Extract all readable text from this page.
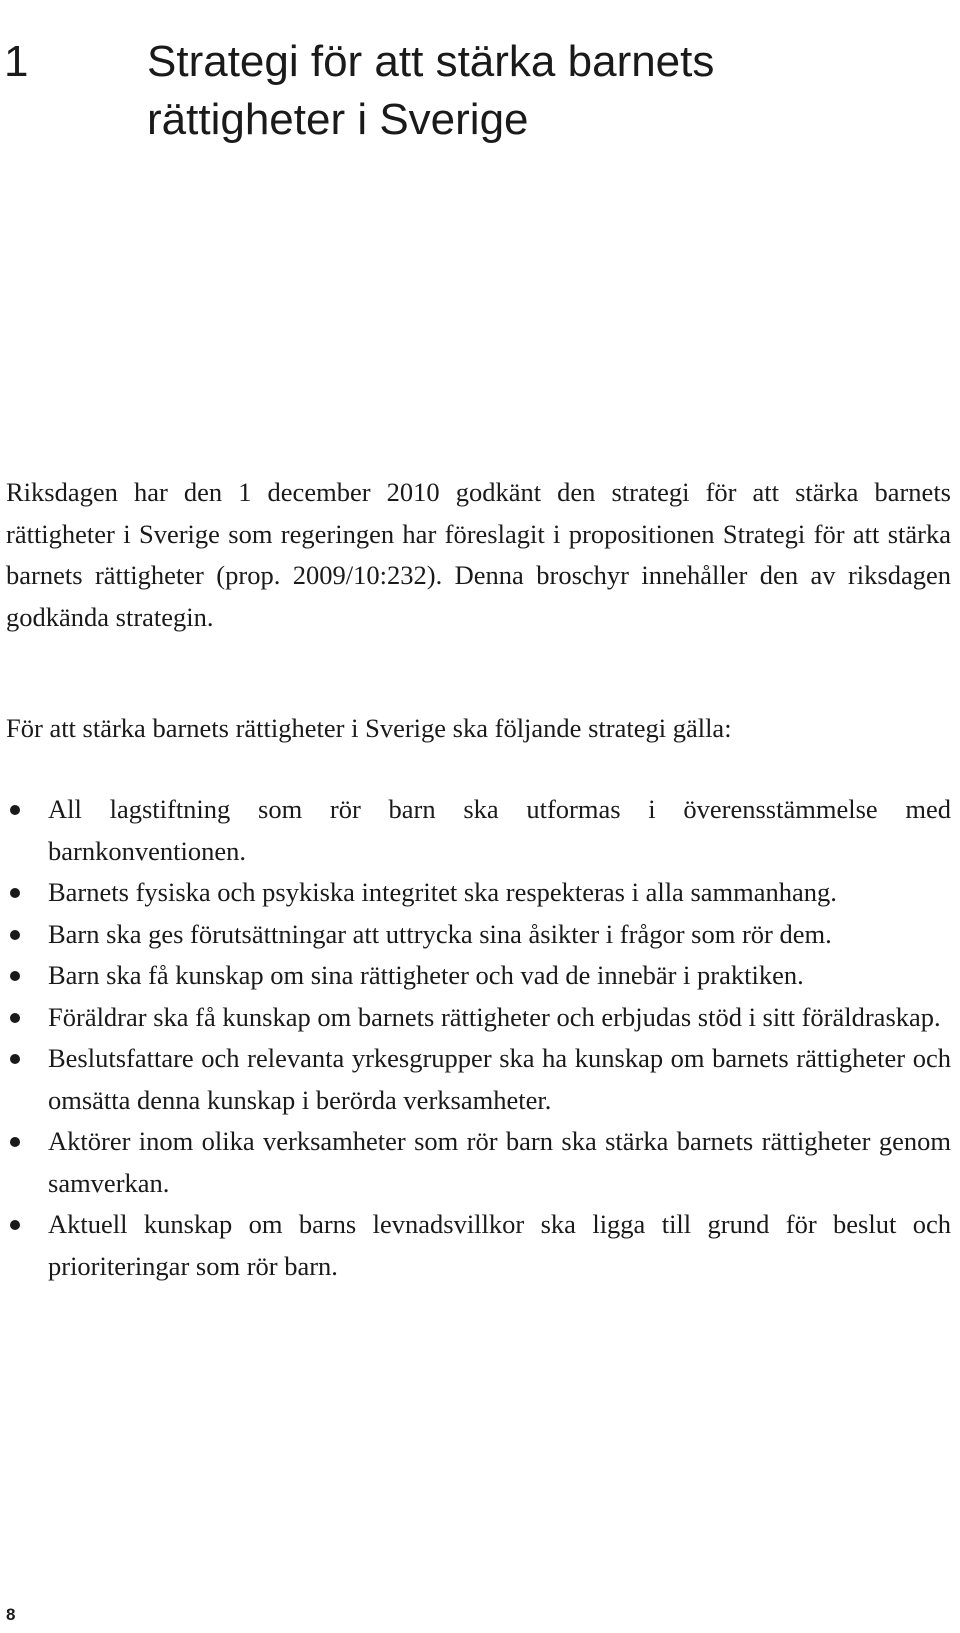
1	Strategi för att stärka barnets rättigheter i Sverige

Riksdagen har den 1 december 2010 godkänt den strategi för att stärka barnets rättigheter i Sverige som regeringen har föreslagit i propositionen Strategi för att stärka barnets rättigheter (prop. 2009/10:232). Denna broschyr innehåller den av riksdagen godkända strategin.

För att stärka barnets rättigheter i Sverige ska följande strategi gälla:

All lagstiftning som rör barn ska utformas i överensstämmelse med barnkonventionen.
Barnets fysiska och psykiska integritet ska respekteras i alla sammanhang.
Barn ska ges förutsättningar att uttrycka sina åsikter i frågor som rör dem.
Barn ska få kunskap om sina rättigheter och vad de innebär i praktiken.
Föräldrar ska få kunskap om barnets rättigheter och erbjudas stöd i sitt föräldraskap.
Beslutsfattare och relevanta yrkesgrupper ska ha kunskap om barnets rättigheter och omsätta denna kunskap i berörda verksamheter.
Aktörer inom olika verksamheter som rör barn ska stärka barnets rättigheter genom samverkan.
Aktuell kunskap om barns levnadsvillkor ska ligga till grund för beslut och prioriteringar som rör barn.
8
